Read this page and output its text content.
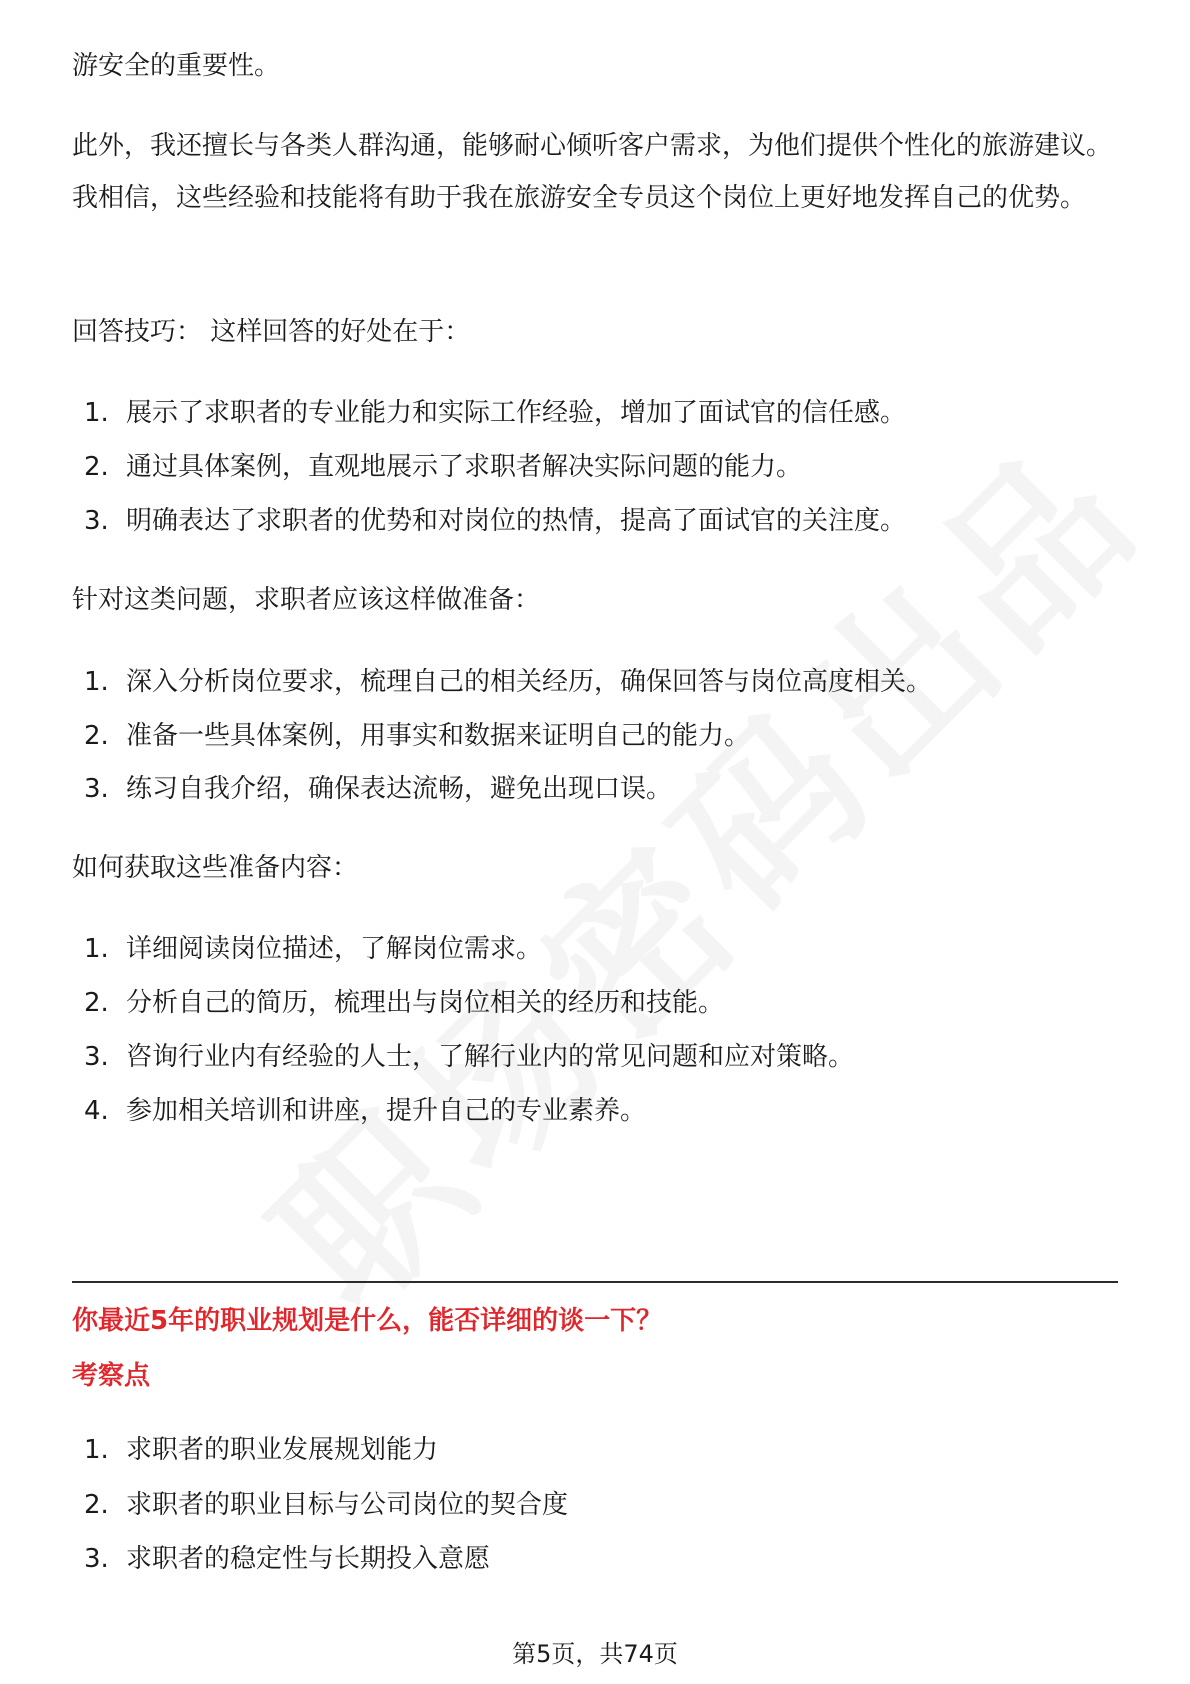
游安全的重要性。

此外，我还擅长与各类人群沟通，能够耐心倾听客户需求，为他们提供个性化的旅游建议。我相信，这些经验和技能将有助于我在旅游安全专员这个岗位上更好地发挥自己的优势。

回答技巧： 这样回答的好处在于：

1. 展示了求职者的专业能力和实际工作经验，增加了面试官的信任感。
2. 通过具体案例，直观地展示了求职者解决实际问题的能力。
3. 明确表达了求职者的优势和对岗位的热情，提高了面试官的关注度。

针对这类问题，求职者应该这样做准备：

1. 深入分析岗位要求，梳理自己的相关经历，确保回答与岗位高度相关。
2. 准备一些具体案例，用事实和数据来证明自己的能力。
3. 练习自我介绍，确保表达流畅，避免出现口误。

如何获取这些准备内容：

1. 详细阅读岗位描述，了解岗位需求。
2. 分析自己的简历，梳理出与岗位相关的经历和技能。
3. 咨询行业内有经验的人士，了解行业内的常见问题和应对策略。
4. 参加相关培训和讲座，提升自己的专业素养。
你最近5年的职业规划是什么，能否详细的谈一下？
考察点
1. 求职者的职业发展规划能力
2. 求职者的职业目标与公司岗位的契合度
3. 求职者的稳定性与长期投入意愿
第5页，共74页
